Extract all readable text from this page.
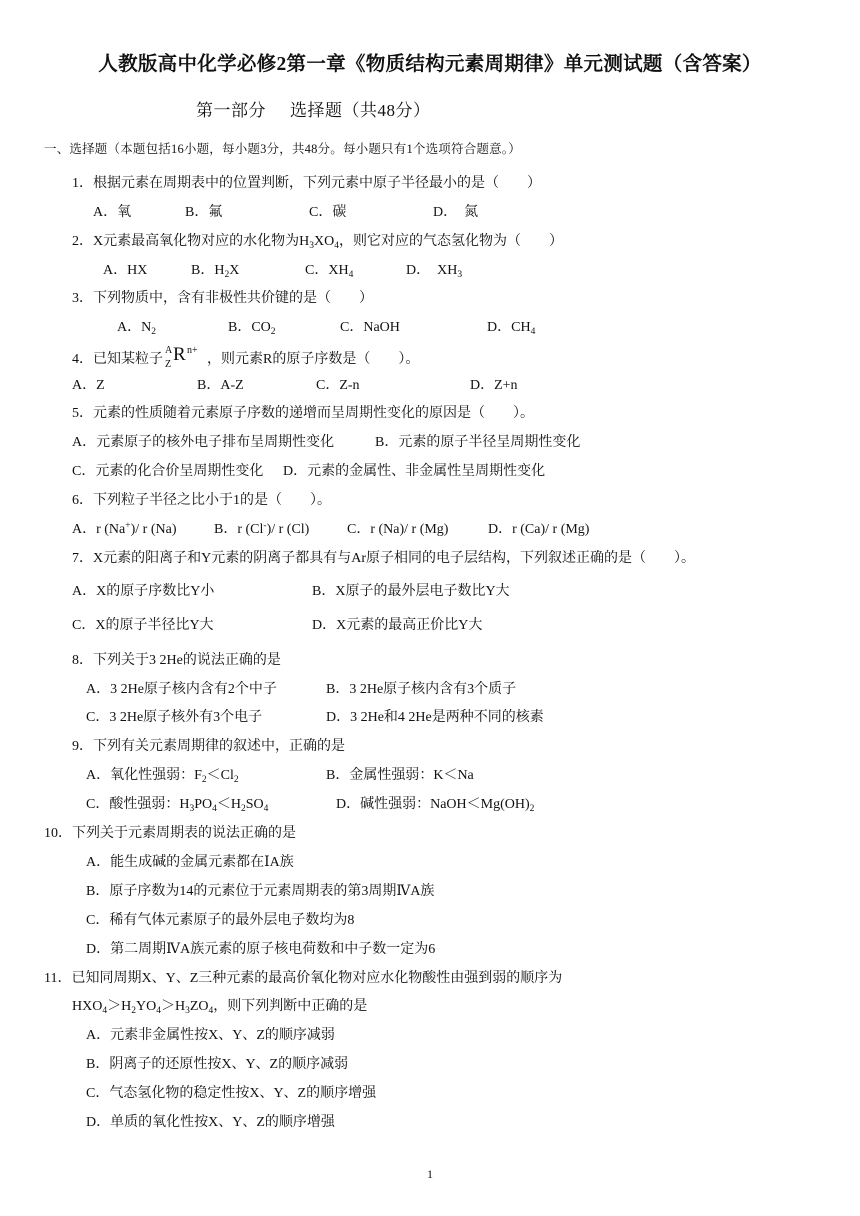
人教版高中化学必修2第一章《物质结构元素周期律》单元测试题（含答案）
第一部分 选择题（共48分）
一、选择题（本题包括16小题，每小题3分，共48分。每小题只有1个选项符合题意。）
1．根据元素在周期表中的位置判断，下列元素中原子半径最小的是（　　）
A．氧	B．氟	C．碳	D．　氮
2．X元素最高氧化物对应的水化物为$H_3XO_4$，则它对应的气态氢化物为（　　）
A．HX	B．$H_2X$	C．$XH_4$	D．　$XH_3$
3．下列物质中，含有非极性共价键的是（　　）
A．$N_2$	B．$CO_2$	C．NaOH	D．$CH_4$
4．已知某粒子
A
Z R n+
，则元素R的原子序数是（　　）。
A．Z	B．A-Z	C．Z-n	D．Z+n
5．元素的性质随着元素原子序数的递增而呈周期性变化的原因是（　　）。
A．元素原子的核外电子排布呈周期性变化	B．元素的原子半径呈周期性变化
C．元素的化合价呈周期性变化 D．元素的金属性、非金属性呈周期性变化
6．下列粒子半径之比小于1的是（　　）。
A．r (Na+)/ r (Na)	B．r (Cl-)/ r (Cl)	C．r (Na)/ r (Mg)	D．r (Ca)/ r (Mg)
7．X元素的阳离子和Y元素的阴离子都具有与Ar原子相同的电子层结构，下列叙述正确的是（　　）。
A．X的原子序数比Y小	B．X原子的最外层电子数比Y大
C．X的原子半径比Y大	D．X元素的最高正价比Y大
8．下列关于3 2He的说法正确的是
A．3 2He原子核内含有2个中子	B．3 2He原子核内含有3个质子
C．3 2He原子核外有3个电子	D．3 2He和4 2He是两种不同的核素
9．下列有关元素周期律的叙述中，正确的是
A．氧化性强弱：$F_2<Cl_2$	B．金属性强弱：K＜Na
C．酸性强弱：$H_3PO_4<H_2SO_4$	D．碱性强弱：$NaOH<Mg(OH)_2$
10．下列关于元素周期表的说法正确的是
A．能生成碱的金属元素都在ⅠA族
B．原子序数为14的元素位于元素周期表的第3周期ⅣA族
C．稀有气体元素原子的最外层电子数均为8
D．第二周期ⅣA族元素的原子核电荷数和中子数一定为6
11．已知同周期X、Y、Z三种元素的最高价氧化物对应水化物酸性由强到弱的顺序为
$HXO_4>H_2YO_4>H_3ZO_4$，则下列判断中正确的是
A．元素非金属性按X、Y、Z的顺序减弱
B．阴离子的还原性按X、Y、Z的顺序减弱
C．气态氢化物的稳定性按X、Y、Z的顺序增强
D．单质的氧化性按X、Y、Z的顺序增强
1
